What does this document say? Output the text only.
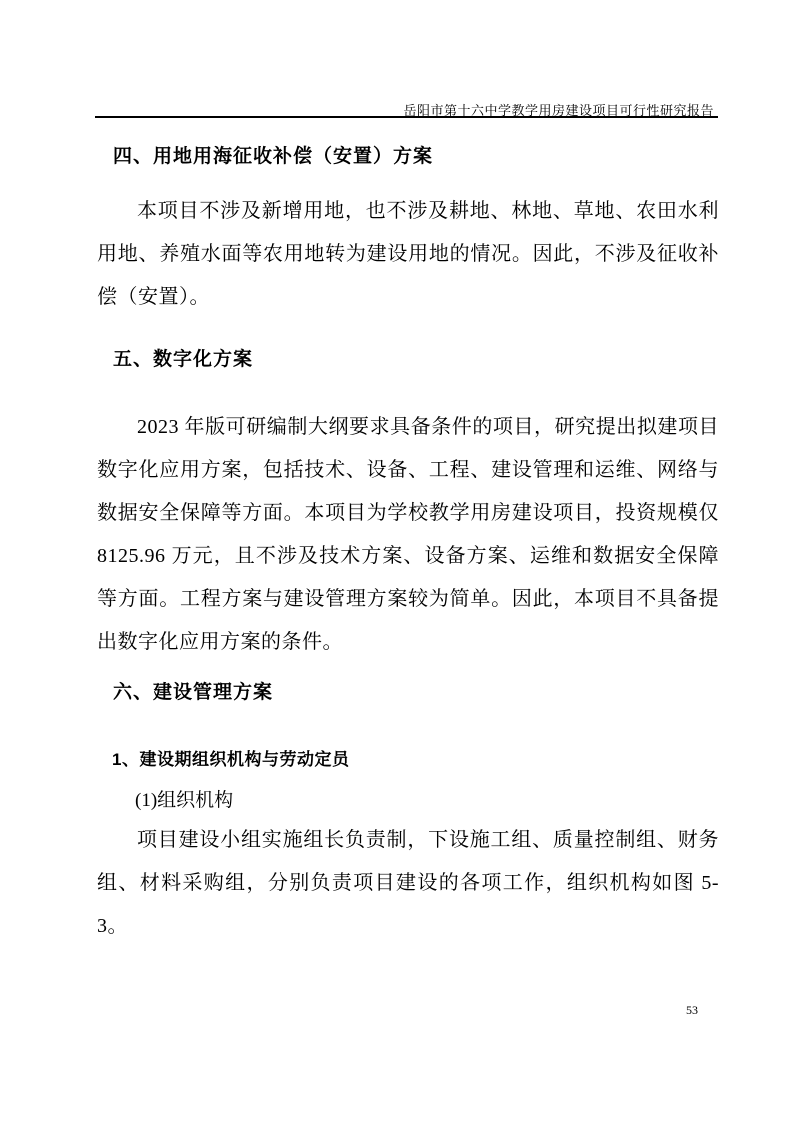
岳阳市第十六中学教学用房建设项目可行性研究报告
四、用地用海征收补偿（安置）方案
本项目不涉及新增用地，也不涉及耕地、林地、草地、农田水利用地、养殖水面等农用地转为建设用地的情况。因此，不涉及征收补偿（安置）。
五、数字化方案
2023 年版可研编制大纲要求具备条件的项目，研究提出拟建项目数字化应用方案，包括技术、设备、工程、建设管理和运维、网络与数据安全保障等方面。本项目为学校教学用房建设项目，投资规模仅 8125.96 万元，且不涉及技术方案、设备方案、运维和数据安全保障等方面。工程方案与建设管理方案较为简单。因此，本项目不具备提出数字化应用方案的条件。
六、建设管理方案
1、建设期组织机构与劳动定员
(1)组织机构
项目建设小组实施组长负责制，下设施工组、质量控制组、财务组、材料采购组，分别负责项目建设的各项工作，组织机构如图 5-3。
53
